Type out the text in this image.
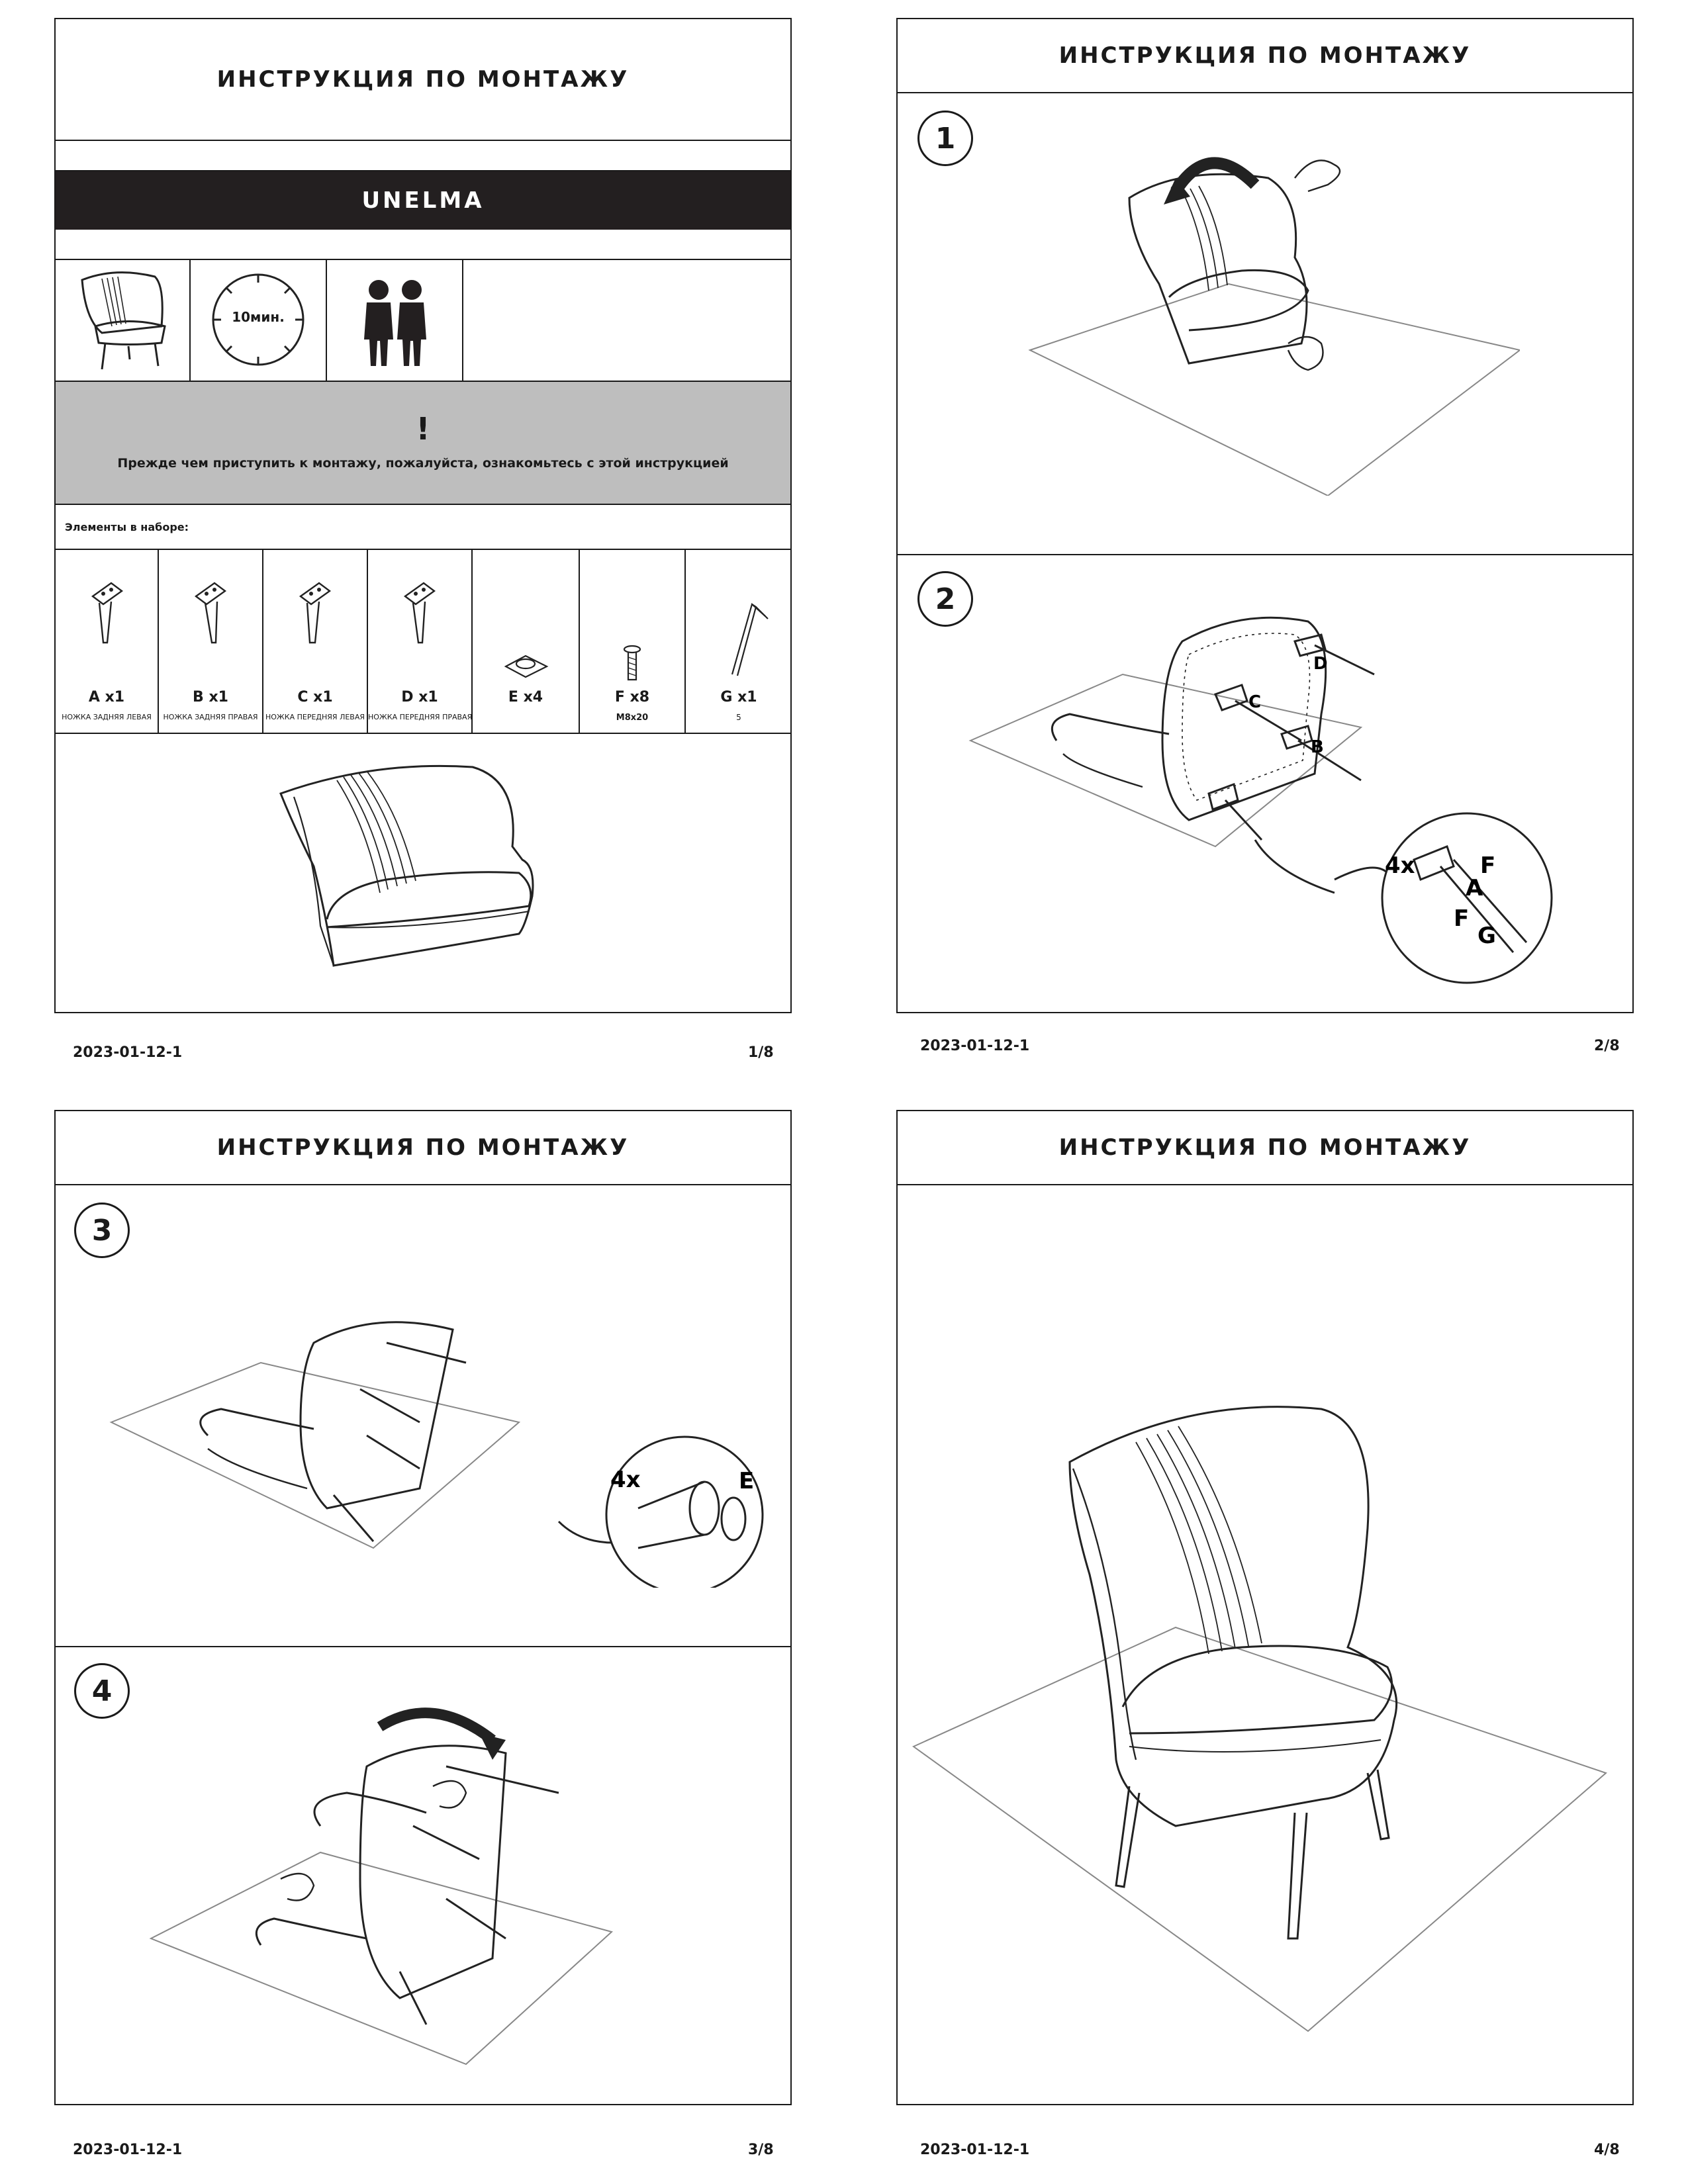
ИНСТРУКЦИЯ ПО МОНТАЖУ
UNELMA
10мин.
!
Прежде чем приступить к монтажу, пожалуйста, ознакомьтесь с этой инструкцией
Элементы в наборе:
A x1
НОЖКА ЗАДНЯЯ ЛЕВАЯ
B x1
НОЖКА ЗАДНЯЯ ПРАВАЯ
C x1
НОЖКА ПЕРЕДНЯЯ ЛЕВАЯ
D x1
НОЖКА ПЕРЕДНЯЯ ПРАВАЯ
E x4	F x8
M8x20
G x1
5
ИНСТРУКЦИЯ ПО МОНТАЖУ
1
2
C
D
B
4x	F
A
F
G
ИНСТРУКЦИЯ ПО МОНТАЖУ
3
4x	E
4
ИНСТРУКЦИЯ ПО МОНТАЖУ
2023-01-12-1	1/8	2023-01-12-1	2/8
2023-01-12-1	3/8	2023-01-12-1	4/8
